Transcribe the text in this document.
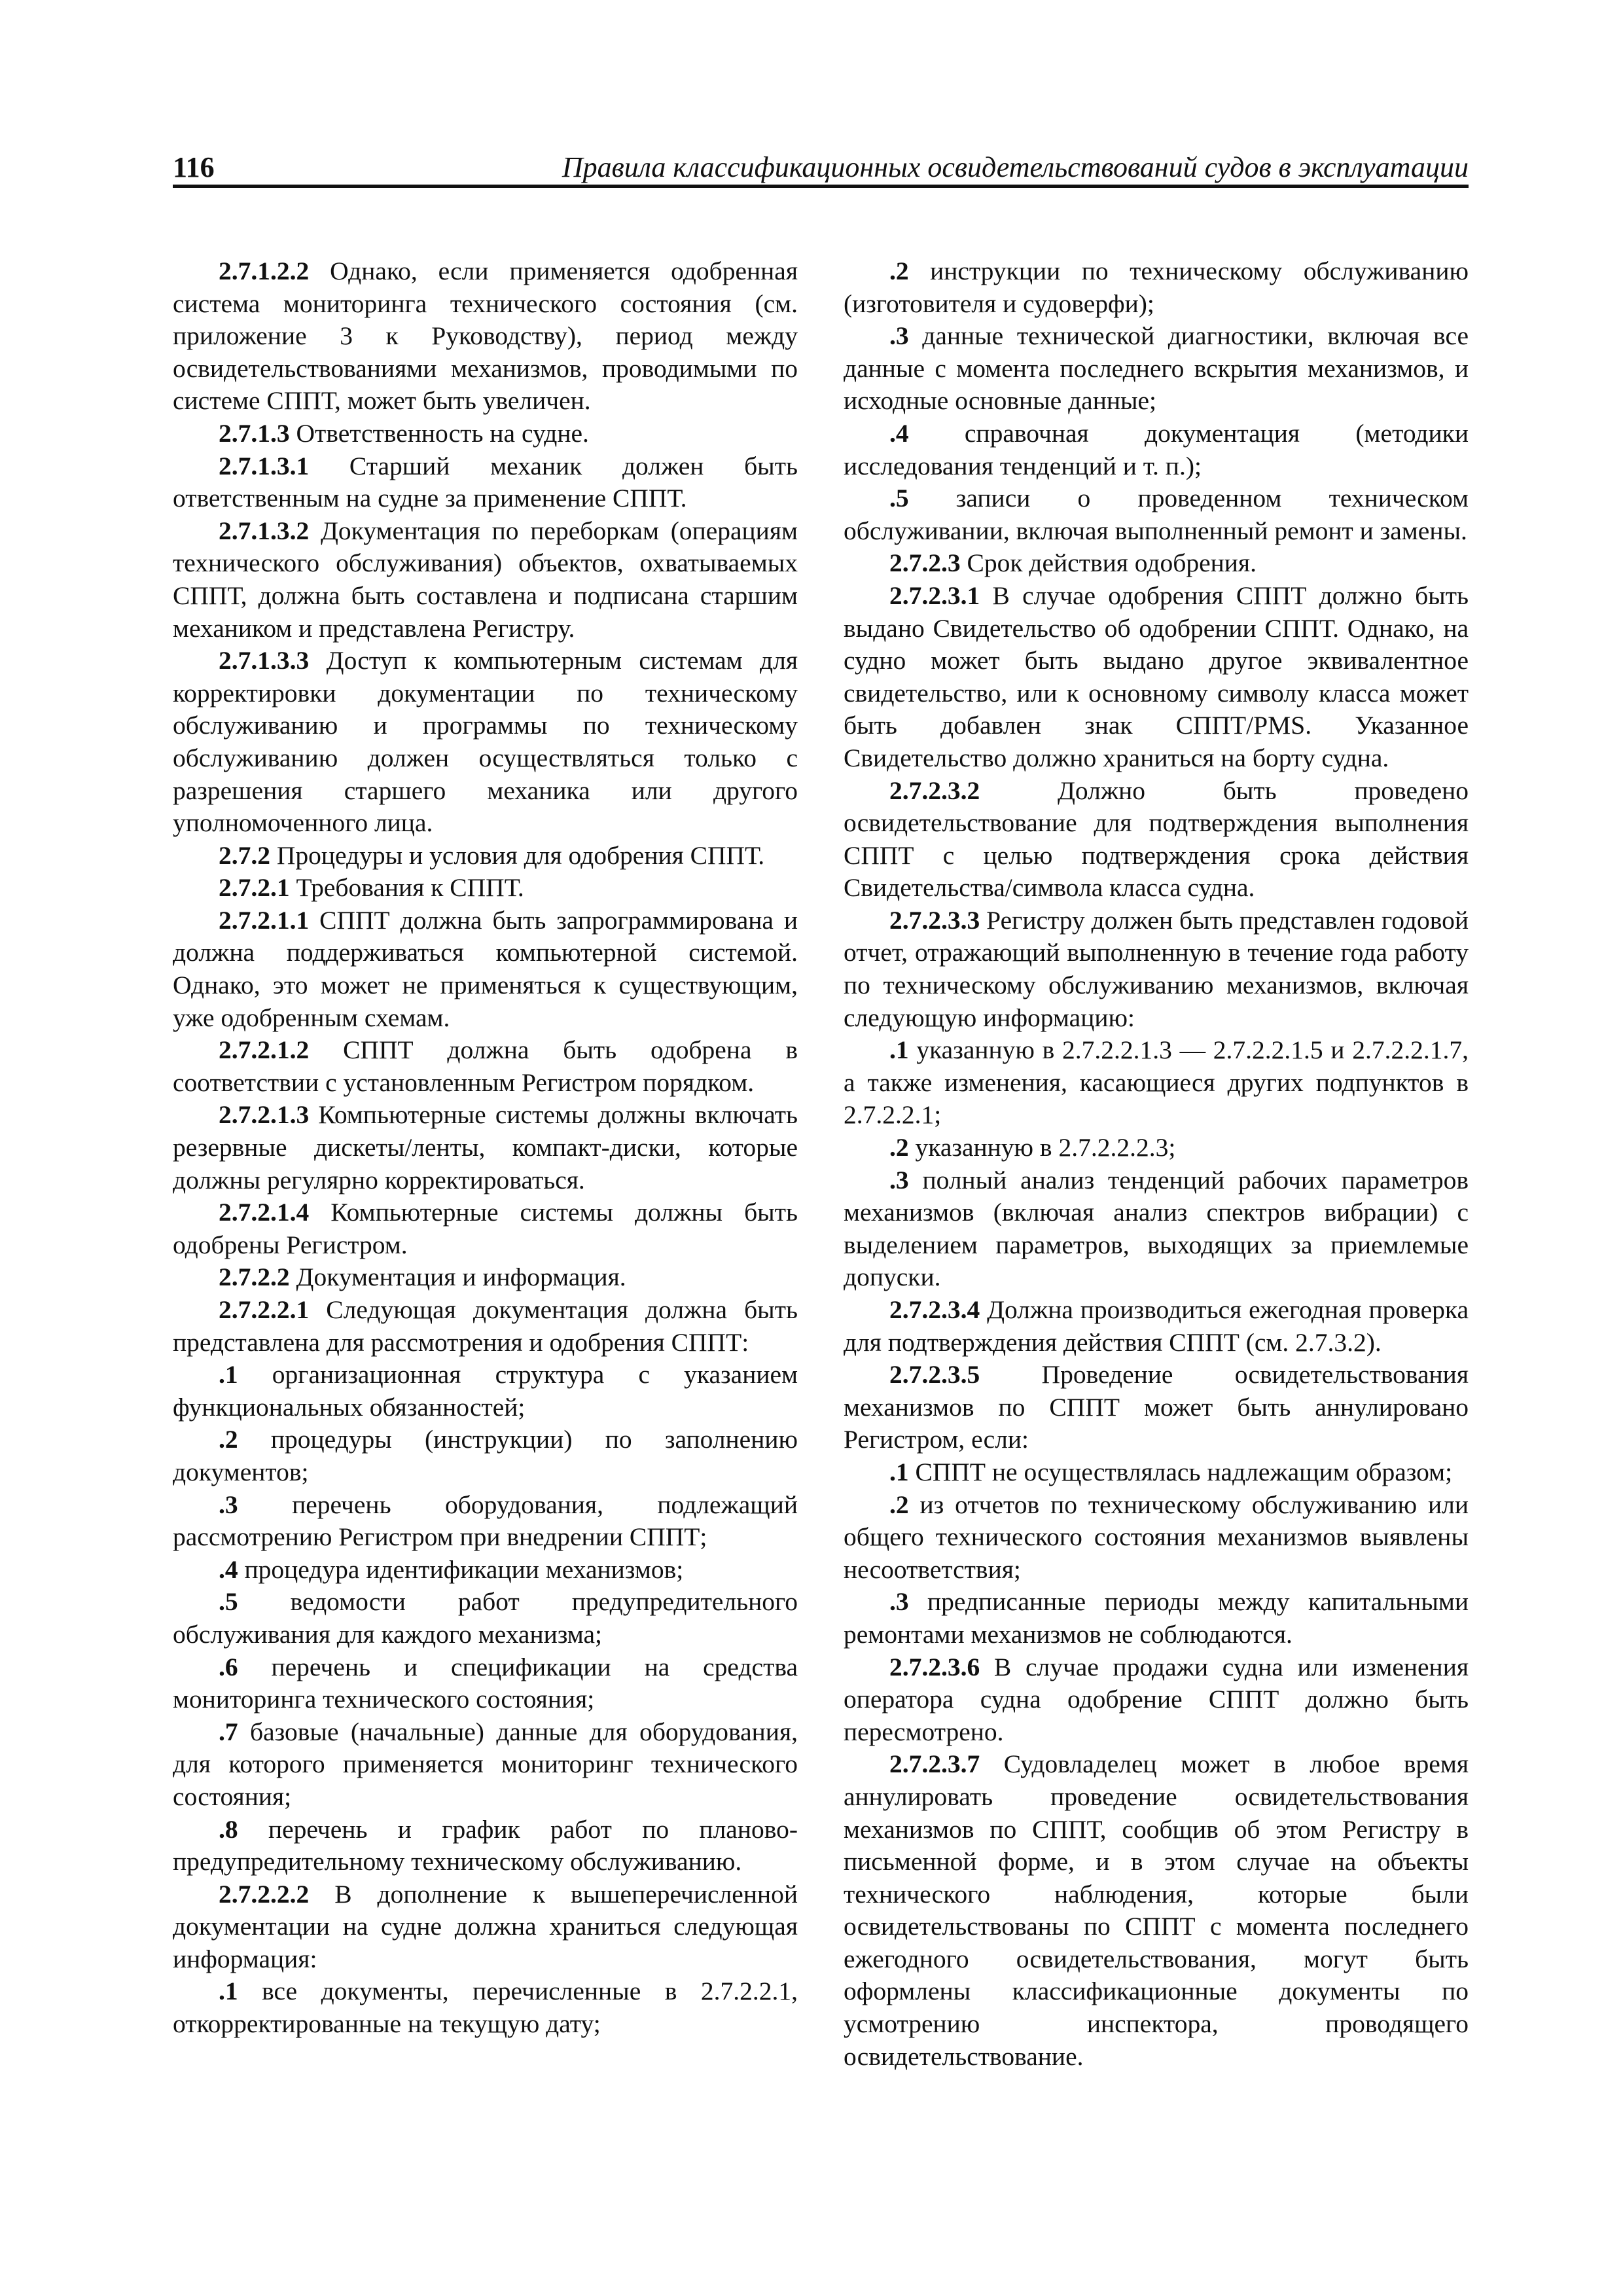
116	Правила классификационных освидетельствований судов в эксплуатации

2.7.1.2.2 Однако, если применяется одобренная система мониторинга технического состояния (см. приложение 3 к Руководству), период между освидетельствованиями механизмов, проводимыми по системе СППТ, может быть увеличен.

2.7.1.3 Ответственность на судне.

2.7.1.3.1 Старший механик должен быть ответственным на судне за применение СППТ.

2.7.1.3.2 Документация по переборкам (операциям технического обслуживания) объектов, охватываемых СППТ, должна быть составлена и подписана старшим механиком и представлена Регистру.

2.7.1.3.3 Доступ к компьютерным системам для корректировки документации по техническому обслуживанию и программы по техническому обслуживанию должен осуществляться только с разрешения старшего механика или другого уполномоченного лица.

2.7.2 Процедуры и условия для одобрения СППТ.

2.7.2.1 Требования к СППТ.

2.7.2.1.1 СППТ должна быть запрограммирована и должна поддерживаться компьютерной системой. Однако, это может не применяться к существующим, уже одобренным схемам.

2.7.2.1.2 СППТ должна быть одобрена в соответствии с установленным Регистром порядком.

2.7.2.1.3 Компьютерные системы должны включать резервные дискеты/ленты, компакт-диски, которые должны регулярно корректироваться.

2.7.2.1.4 Компьютерные системы должны быть одобрены Регистром.

2.7.2.2 Документация и информация.

2.7.2.2.1 Следующая документация должна быть представлена для рассмотрения и одобрения СППТ:

.1 организационная структура с указанием функциональных обязанностей;

.2 процедуры (инструкции) по заполнению документов;

.3 перечень оборудования, подлежащий рассмотрению Регистром при внедрении СППТ;

.4 процедура идентификации механизмов;

.5 ведомости работ предупредительного обслуживания для каждого механизма;

.6 перечень и спецификации на средства мониторинга технического состояния;

.7 базовые (начальные) данные для оборудования, для которого применяется мониторинг технического состояния;

.8 перечень и график работ по планово-предупредительному техническому обслуживанию.

2.7.2.2.2 В дополнение к вышеперечисленной документации на судне должна храниться следующая информация:

.1 все документы, перечисленные в 2.7.2.2.1, откорректированные на текущую дату;

.2 инструкции по техническому обслуживанию (изготовителя и судоверфи);

.3 данные технической диагностики, включая все данные с момента последнего вскрытия механизмов, и исходные основные данные;

.4 справочная документация (методики исследования тенденций и т. п.);

.5 записи о проведенном техническом обслуживании, включая выполненный ремонт и замены.

2.7.2.3 Срок действия одобрения.

2.7.2.3.1 В случае одобрения СППТ должно быть выдано Свидетельство об одобрении СППТ. Однако, на судно может быть выдано другое эквивалентное свидетельство, или к основному символу класса может быть добавлен знак СППТ/PMS. Указанное Свидетельство должно храниться на борту судна.

2.7.2.3.2 Должно быть проведено освидетельствование для подтверждения выполнения СППТ с целью подтверждения срока действия Свидетельства/символа класса судна.

2.7.2.3.3 Регистру должен быть представлен годовой отчет, отражающий выполненную в течение года работу по техническому обслуживанию механизмов, включая следующую информацию:

.1 указанную в 2.7.2.2.1.3 — 2.7.2.2.1.5 и 2.7.2.2.1.7, а также изменения, касающиеся других подпунктов в 2.7.2.2.1;

.2 указанную в 2.7.2.2.2.3;

.3 полный анализ тенденций рабочих параметров механизмов (включая анализ спектров вибрации) с выделением параметров, выходящих за приемлемые допуски.

2.7.2.3.4 Должна производиться ежегодная проверка для подтверждения действия СППТ (см. 2.7.3.2).

2.7.2.3.5 Проведение освидетельствования механизмов по СППТ может быть аннулировано Регистром, если:

.1 СППТ не осуществлялась надлежащим образом;

.2 из отчетов по техническому обслуживанию или общего технического состояния механизмов выявлены несоответствия;

.3 предписанные периоды между капитальными ремонтами механизмов не соблюдаются.

2.7.2.3.6 В случае продажи судна или изменения оператора судна одобрение СППТ должно быть пересмотрено.

2.7.2.3.7 Судовладелец может в любое время аннулировать проведение освидетельствования механизмов по СППТ, сообщив об этом Регистру в письменной форме, и в этом случае на объекты технического наблюдения, которые были освидетельствованы по СППТ с момента последнего ежегодного освидетельствования, могут быть оформлены классификационные документы по усмотрению инспектора, проводящего освидетельствование.
